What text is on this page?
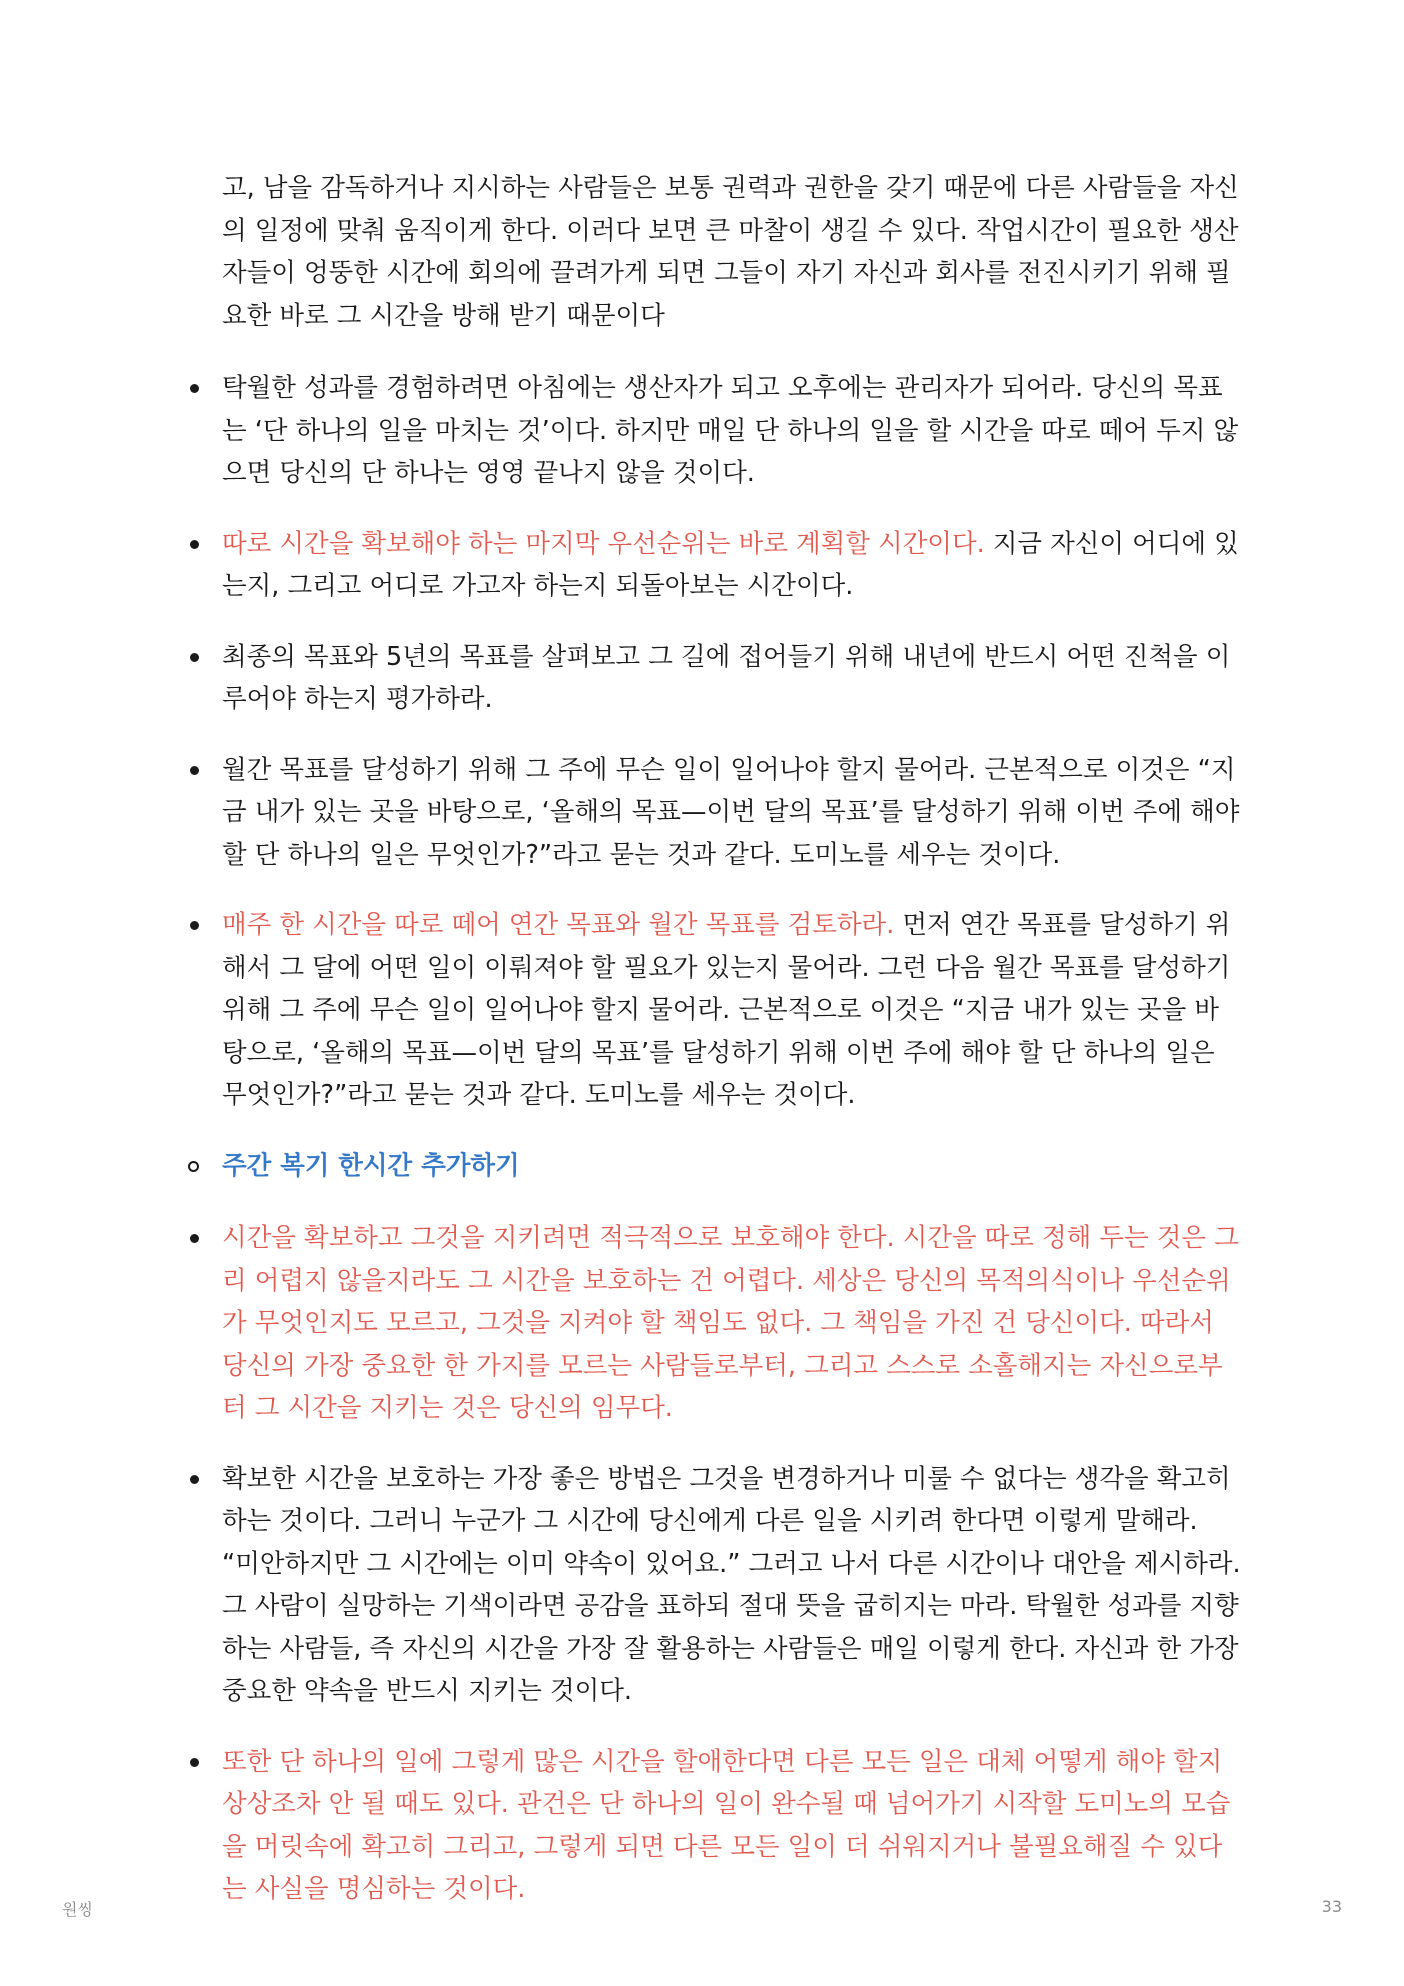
고, 남을 감독하거나 지시하는 사람들은 보통 권력과 권한을 갖기 때문에 다른 사람들을 자신의 일정에 맞춰 움직이게 한다. 이러다 보면 큰 마찰이 생길 수 있다. 작업시간이 필요한 생산자들이 엉뚱한 시간에 회의에 끌려가게 되면 그들이 자기 자신과 회사를 전진시키기 위해 필요한 바로 그 시간을 방해 받기 때문이다

탁월한 성과를 경험하려면 아침에는 생산자가 되고 오후에는 관리자가 되어라. 당신의 목표는 ‘단 하나의 일을 마치는 것’이다. 하지만 매일 단 하나의 일을 할 시간을 따로 떼어 두지 않으면 당신의 단 하나는 영영 끝나지 않을 것이다.
따로 시간을 확보해야 하는 마지막 우선순위는 바로 계획할 시간이다. 지금 자신이 어디에 있는지, 그리고 어디로 가고자 하는지 되돌아보는 시간이다.
최종의 목표와 5년의 목표를 살펴보고 그 길에 접어들기 위해 내년에 반드시 어떤 진척을 이루어야 하는지 평가하라.
월간 목표를 달성하기 위해 그 주에 무슨 일이 일어나야 할지 물어라. 근본적으로 이것은 “지금 내가 있는 곳을 바탕으로, ‘올해의 목표—이번 달의 목표’를 달성하기 위해 이번 주에 해야 할 단 하나의 일은 무엇인가?”라고 묻는 것과 같다. 도미노를 세우는 것이다.
매주 한 시간을 따로 떼어 연간 목표와 월간 목표를 검토하라. 먼저 연간 목표를 달성하기 위해서 그 달에 어떤 일이 이뤄져야 할 필요가 있는지 물어라. 그런 다음 월간 목표를 달성하기 위해 그 주에 무슨 일이 일어나야 할지 물어라. 근본적으로 이것은 “지금 내가 있는 곳을 바탕으로, ‘올해의 목표—이번 달의 목표’를 달성하기 위해 이번 주에 해야 할 단 하나의 일은 무엇인가?”라고 묻는 것과 같다. 도미노를 세우는 것이다.
주간 복기 한시간 추가하기
시간을 확보하고 그것을 지키려면 적극적으로 보호해야 한다. 시간을 따로 정해 두는 것은 그리 어렵지 않을지라도 그 시간을 보호하는 건 어렵다. 세상은 당신의 목적의식이나 우선순위가 무엇인지도 모르고, 그것을 지켜야 할 책임도 없다. 그 책임을 가진 건 당신이다. 따라서 당신의 가장 중요한 한 가지를 모르는 사람들로부터, 그리고 스스로 소홀해지는 자신으로부터 그 시간을 지키는 것은 당신의 임무다.
확보한 시간을 보호하는 가장 좋은 방법은 그것을 변경하거나 미룰 수 없다는 생각을 확고히 하는 것이다. 그러니 누군가 그 시간에 당신에게 다른 일을 시키려 한다면 이렇게 말해라. “미안하지만 그 시간에는 이미 약속이 있어요.” 그러고 나서 다른 시간이나 대안을 제시하라. 그 사람이 실망하는 기색이라면 공감을 표하되 절대 뜻을 굽히지는 마라. 탁월한 성과를 지향하는 사람들, 즉 자신의 시간을 가장 잘 활용하는 사람들은 매일 이렇게 한다. 자신과 한 가장 중요한 약속을 반드시 지키는 것이다.
또한 단 하나의 일에 그렇게 많은 시간을 할애한다면 다른 모든 일은 대체 어떻게 해야 할지 상상조차 안 될 때도 있다. 관건은 단 하나의 일이 완수될 때 넘어가기 시작할 도미노의 모습을 머릿속에 확고히 그리고, 그렇게 되면 다른 모든 일이 더 쉬워지거나 불필요해질 수 있다는 사실을 명심하는 것이다.
원씽	33
